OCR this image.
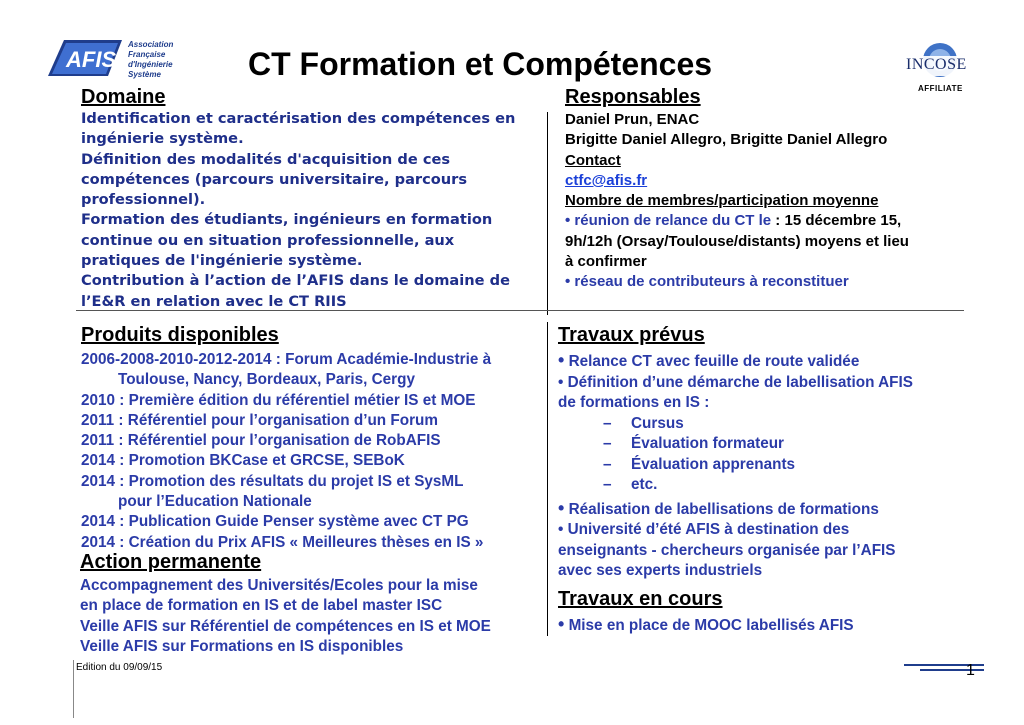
AFIS
Association
Française
d'Ingénierie
Système	CT Formation et Compétences	INCOSE
AFFILIATE
Domaine
Identification et caractérisation des compétences en
ingénierie système.
Définition des modalités d'acquisition de ces
compétences (parcours universitaire, parcours
professionnel).
Formation des étudiants, ingénieurs en formation
continue ou en situation professionnelle, aux
pratiques de l'ingénierie système.
Contribution à l’action de l’AFIS dans le domaine de
l’E&R en relation avec le CT RIIS
Responsables
Daniel Prun, ENAC
Brigitte Daniel Allegro, Brigitte Daniel Allegro
Contact
ctfc@afis.fr
Nombre de membres/participation moyenne
• réunion de relance du CT le : 15 décembre 15,
9h/12h (Orsay/Toulouse/distants) moyens et lieu
à confirmer
• réseau de contributeurs à reconstituer
Produits disponibles
2006-2008-2010-2012-2014 : Forum Académie-Industrie à
Toulouse, Nancy, Bordeaux, Paris, Cergy
2010 : Première édition du référentiel métier IS et MOE
2011 : Référentiel pour l’organisation d’un Forum
2011 : Référentiel pour l’organisation de RobAFIS
2014 : Promotion BKCase et GRCSE, SEBoK
2014 : Promotion des résultats du projet IS et SysML
pour l’Education Nationale
2014 : Publication Guide Penser système avec CT PG
2014 : Création du Prix AFIS « Meilleures thèses en IS »
Action permanente
Accompagnement des Universités/Ecoles pour la mise
en place de formation en IS et de label master ISC
Veille AFIS sur Référentiel de compétences en IS et MOE
Veille AFIS sur Formations en IS disponibles
Travaux prévus
• Relance CT avec feuille de route validée
• Définition d’une démarche de labellisation AFIS
de formations en IS :
– Cursus
– Évaluation formateur
– Évaluation apprenants
– etc.
• Réalisation de labellisations de formations
• Université d’été AFIS à destination des
enseignants - chercheurs organisée par l’AFIS
avec ses experts industriels
Travaux en cours
• Mise en place de MOOC labellisés AFIS
Edition du 09/09/15	1
